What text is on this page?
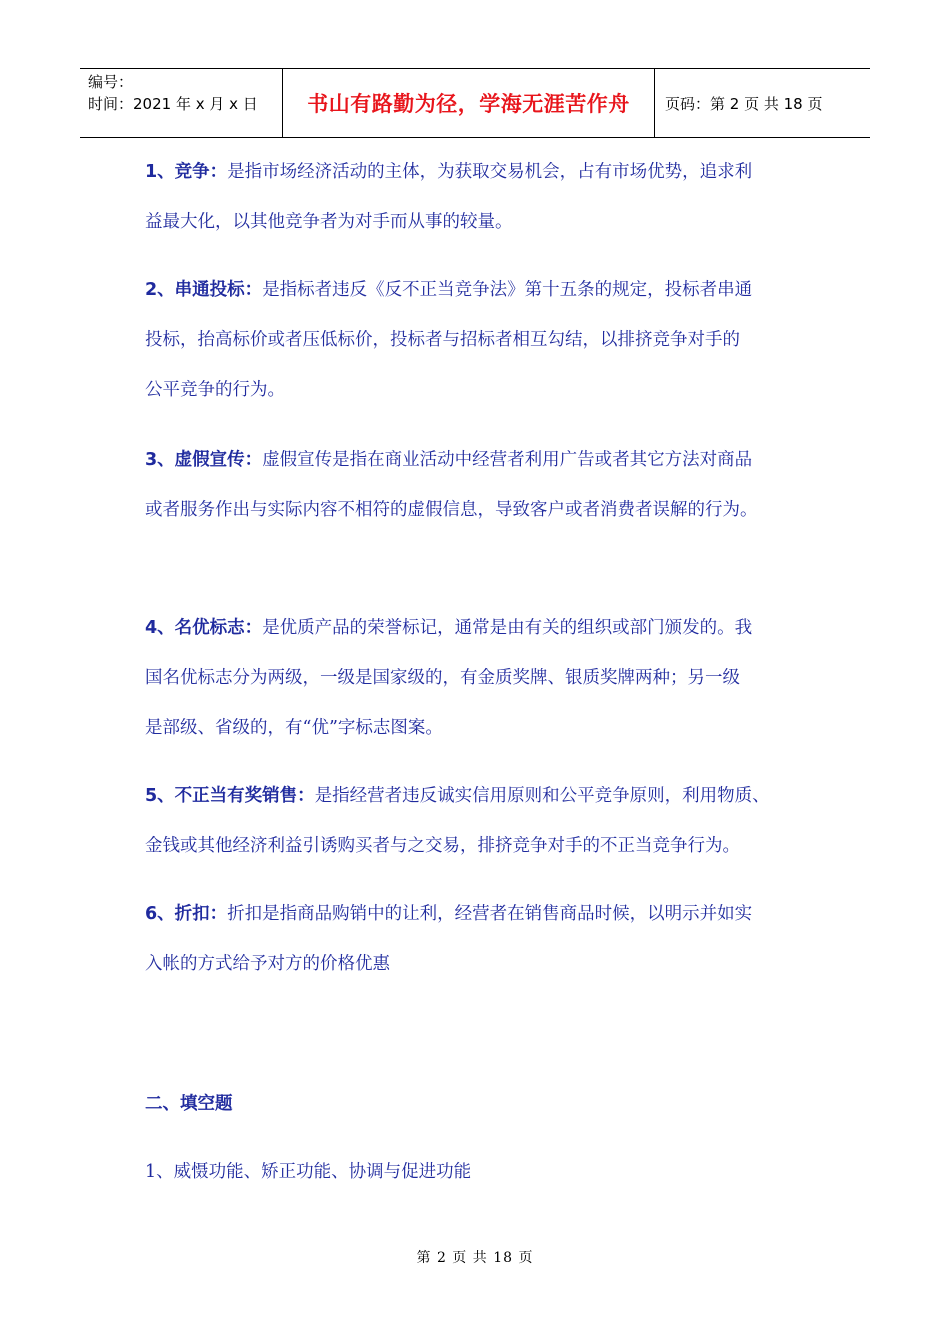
编号：
时间：2021 年 x 月 x 日	书山有路勤为径，学海无涯苦作舟 页码：第 2 页 共 18 页
1、竞争：是指市场经济活动的主体，为获取交易机会，占有市场优势，追求利
益最大化，以其他竞争者为对手而从事的较量。
2、串通投标：是指标者违反《反不正当竞争法》第十五条的规定，投标者串通
投标，抬高标价或者压低标价，投标者与招标者相互勾结，以排挤竞争对手的
公平竞争的行为。
3、虚假宣传：虚假宣传是指在商业活动中经营者利用广告或者其它方法对商品
或者服务作出与实际内容不相符的虚假信息，导致客户或者消费者误解的行为。
4、名优标志：是优质产品的荣誉标记，通常是由有关的组织或部门颁发的。我
国名优标志分为两级，一级是国家级的，有金质奖牌、银质奖牌两种；另一级
是部级、省级的，有“优”字标志图案。
5、不正当有奖销售：是指经营者违反诚实信用原则和公平竞争原则，利用物质、
金钱或其他经济利益引诱购买者与之交易，排挤竞争对手的不正当竞争行为。
6、折扣：折扣是指商品购销中的让利，经营者在销售商品时候，以明示并如实
入帐的方式给予对方的价格优惠
二、填空题
1、威慑功能、矫正功能、协调与促进功能
第 2 页 共 18 页
